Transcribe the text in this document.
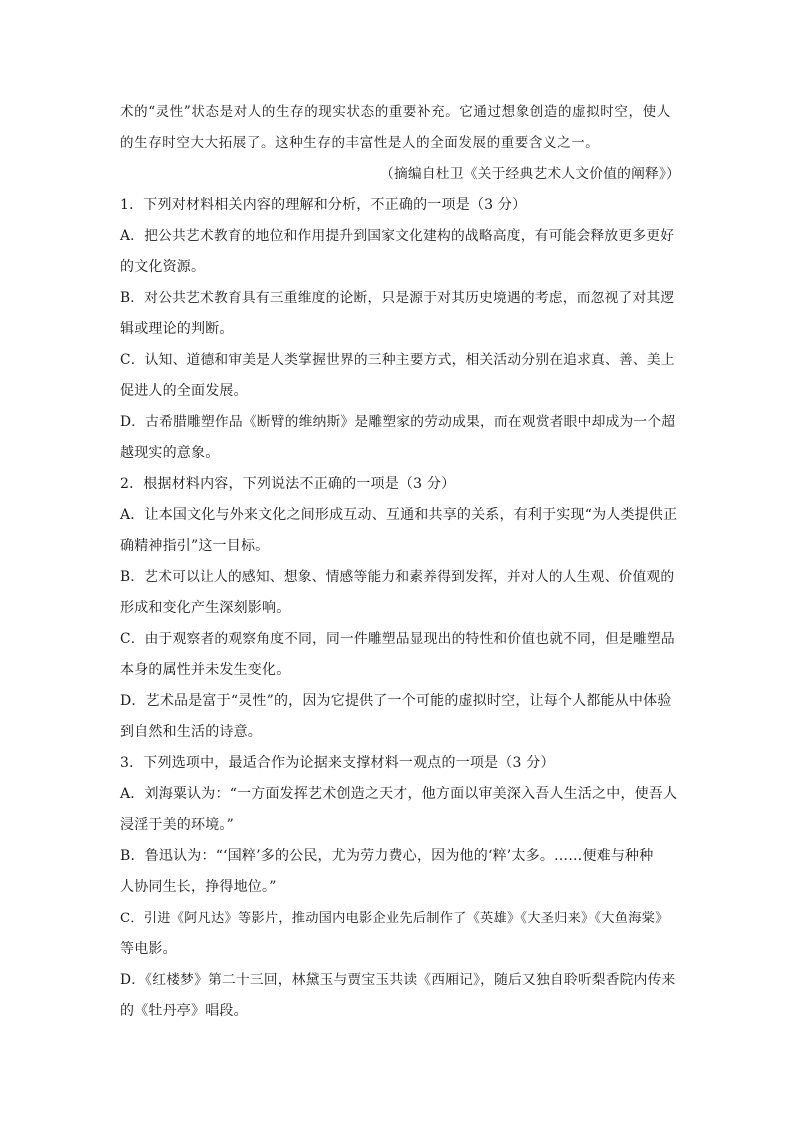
术的“灵性”状态是对人的生存的现实状态的重要补充。它通过想象创造的虚拟时空，使人
的生存时空大大拓展了。这种生存的丰富性是人的全面发展的重要含义之一。
（摘编自杜卫《关于经典艺术人文价值的阐释》）
1．下列对材料相关内容的理解和分析，不正确的一项是（3 分）
A．把公共艺术教育的地位和作用提升到国家文化建构的战略高度，有可能会释放更多更好
的文化资源。
B．对公共艺术教育具有三重维度的论断，只是源于对其历史境遇的考虑，而忽视了对其逻
辑或理论的判断。
C．认知、道德和审美是人类掌握世界的三种主要方式，相关活动分别在追求真、善、美上
促进人的全面发展。
D．古希腊雕塑作品《断臂的维纳斯》是雕塑家的劳动成果，而在观赏者眼中却成为一个超
越现实的意象。
2．根据材料内容，下列说法不正确的一项是（3 分）
A．让本国文化与外来文化之间形成互动、互通和共享的关系，有利于实现“为人类提供正
确精神指引”这一目标。
B．艺术可以让人的感知、想象、情感等能力和素养得到发挥，并对人的人生观、价值观的
形成和变化产生深刻影响。
C．由于观察者的观察角度不同，同一件雕塑品显现出的特性和价值也就不同，但是雕塑品
本身的属性并未发生变化。
D．艺术品是富于“灵性”的，因为它提供了一个可能的虚拟时空，让每个人都能从中体验
到自然和生活的诗意。
3．下列选项中，最适合作为论据来支撑材料一观点的一项是（3 分）
A．刘海粟认为：“一方面发挥艺术创造之天才，他方面以审美深入吾人生活之中，使吾人
浸淫于美的环境。”
B．鲁迅认为：“‘国粹’多的公民，尤为劳力费心，因为他的‘粹’太多。……便难与种种
人协同生长，挣得地位。”
C．引进《阿凡达》等影片，推动国内电影企业先后制作了《英雄》《大圣归来》《大鱼海棠》
等电影。
D．《红楼梦》第二十三回，林黛玉与贾宝玉共读《西厢记》，随后又独自聆听梨香院内传来
的《牡丹亭》唱段。
